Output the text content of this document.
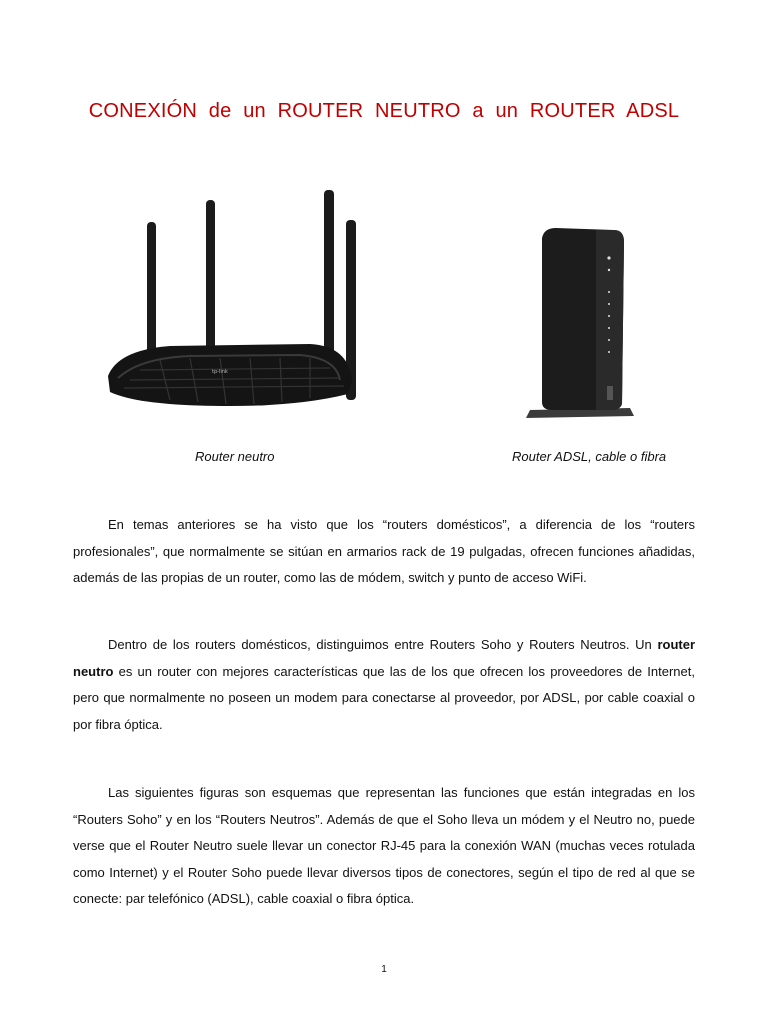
CONEXIÓN de un ROUTER NEUTRO a un ROUTER ADSL
tp-link

Router neutro	Router ADSL, cable o fibra

En temas anteriores se ha visto que los “routers domésticos”, a diferencia de los “routers profesionales”, que normalmente se sitúan en armarios rack de 19 pulgadas, ofrecen funciones añadidas, además de las propias de un router, como las de módem, switch y punto de acceso WiFi.

Dentro de los routers domésticos, distinguimos entre Routers Soho y Routers Neutros. Un router neutro es un router con mejores características que las de los que ofrecen los proveedores de Internet, pero que normalmente no poseen un modem para conectarse al proveedor, por ADSL, por cable coaxial o por fibra óptica.

Las siguientes figuras son esquemas que representan las funciones que están integradas en los “Routers Soho” y en los “Routers Neutros”. Además de que el Soho lleva un módem y el Neutro no, puede verse que el Router Neutro suele llevar un conector RJ-45 para la conexión WAN (muchas veces rotulada como Internet) y el Router Soho puede llevar diversos tipos de conectores, según el tipo de red al que se conecte: par telefónico (ADSL), cable coaxial o fibra óptica.

1
